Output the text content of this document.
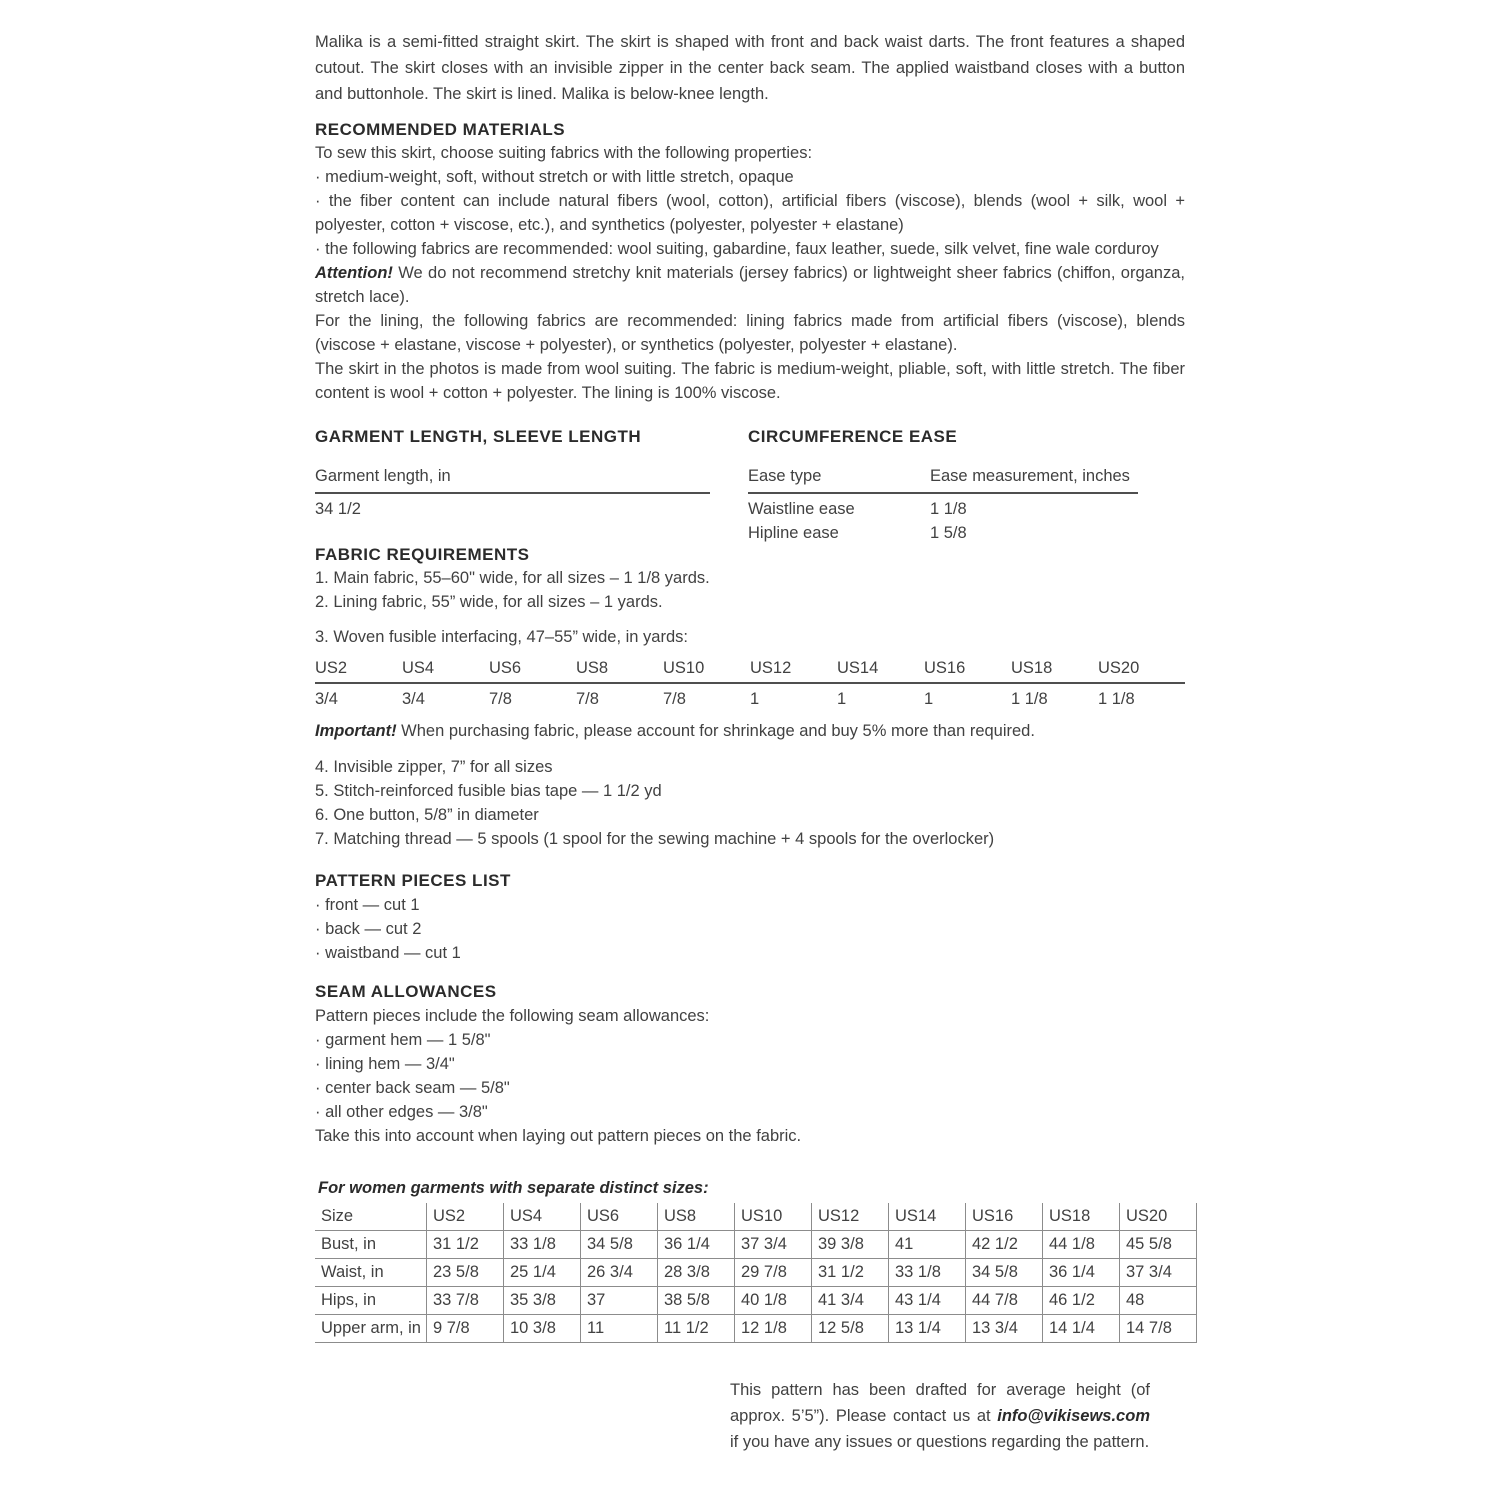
Malika is a semi-fitted straight skirt. The skirt is shaped with front and back waist darts. The front features a shaped cutout. The skirt closes with an invisible zipper in the center back seam. The applied waistband closes with a button and buttonhole. The skirt is lined. Malika is below-knee length.

RECOMMENDED MATERIALS

To sew this skirt, choose suiting fabrics with the following properties:

· medium-weight, soft, without stretch or with little stretch, opaque

· the fiber content can include natural fibers (wool, cotton), artificial fibers (viscose), blends (wool + silk, wool + polyester, cotton + viscose, etc.), and synthetics (polyester, polyester + elastane)

· the following fabrics are recommended: wool suiting, gabardine, faux leather, suede, silk velvet, fine wale corduroy

Attention! We do not recommend stretchy knit materials (jersey fabrics) or lightweight sheer fabrics (chiffon, organza, stretch lace).

For the lining, the following fabrics are recommended: lining fabrics made from artificial fibers (viscose), blends (viscose + elastane, viscose + polyester), or synthetics (polyester, polyester + elastane).

The skirt in the photos is made from wool suiting. The fabric is medium-weight, pliable, soft, with little stretch. The fiber content is wool + cotton + polyester. The lining is 100% viscose.

GARMENT LENGTH, SLEEVE LENGTH
Garment length, in
34 1/2
CIRCUMFERENCE EASE
Ease type	Ease measurement, inches
Waistline ease	1 1/8
Hipline ease	1 5/8
FABRIC REQUIREMENTS

1. Main fabric, 55–60" wide, for all sizes – 1 1/8 yards.

2. Lining fabric, 55” wide, for all sizes – 1 yards.

3. Woven fusible interfacing, 47–55” wide, in yards:

US2	US4	US6	US8	US10	US12	US14	US16	US18	US20
3/4	3/4	7/8	7/8	7/8	1	1	1	1 1/8	1 1/8

Important! When purchasing fabric, please account for shrinkage and buy 5% more than required.

4. Invisible zipper, 7” for all sizes

5. Stitch-reinforced fusible bias tape — 1 1/2 yd

6. One button, 5/8” in diameter

7. Matching thread — 5 spools (1 spool for the sewing machine + 4 spools for the overlocker)

PATTERN PIECES LIST

· front — cut 1

· back — cut 2

· waistband — cut 1

SEAM ALLOWANCES

Pattern pieces include the following seam allowances:

· garment hem — 1 5/8"

· lining hem — 3/4"

· center back seam — 5/8"

· all other edges — 3/8"

Take this into account when laying out pattern pieces on the fabric.

For women garments with separate distinct sizes:
Size	US2	US4	US6	US8	US10	US12	US14	US16	US18	US20
Bust, in	31 1/2	33 1/8	34 5/8	36 1/4	37 3/4	39 3/8	41	42 1/2	44 1/8	45 5/8
Waist, in	23 5/8	25 1/4	26 3/4	28 3/8	29 7/8	31 1/2	33 1/8	34 5/8	36 1/4	37 3/4
Hips, in	33 7/8	35 3/8	37	38 5/8	40 1/8	41 3/4	43 1/4	44 7/8	46 1/2	48
Upper arm, in	9 7/8	10 3/8	11	11 1/2	12 1/8	12 5/8	13 1/4	13 3/4	14 1/4	14 7/8

This pattern has been drafted for average height (of approx. 5’5”). Please contact us at info@vikisews.com if you have any issues or questions regarding the pattern.
